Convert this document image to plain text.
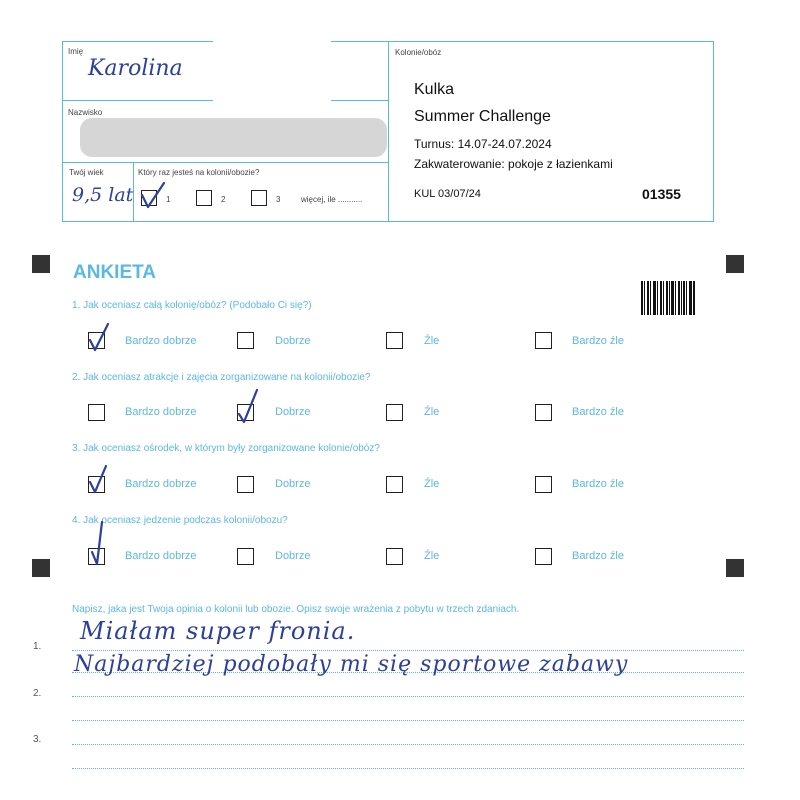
Imię
Karolina
Nazwisko
Twój wiek
9,5 lat
Który raz jesteś na kolonii/obozie?
1	2	3	więcej, ile ...........
Kolonie/obóz
Kulka
Summer Challenge
Turnus: 14.07-24.07.2024
Zakwaterowanie: pokoje z łazienkami
KUL 03/07/24	01355
ANKIETA
1. Jak oceniasz całą kolonię/obóz? (Podobało Ci się?)
2. Jak oceniasz atrakcje i zajęcia zorganizowane na kolonii/obozie?
3. Jak oceniasz ośrodek, w którym były zorganizowane kolonie/obóz?
4. Jak oceniasz jedzenie podczas kolonii/obozu?
Bardzo dobrze	Dobrze	Źle	Bardzo źle
Bardzo dobrze	Dobrze	Źle	Bardzo źle
Bardzo dobrze	Dobrze	Źle	Bardzo źle
Bardzo dobrze	Dobrze	Źle	Bardzo źle
Napisz, jaka jest Twoja opinia o kolonii lub obozie. Opisz swoje wrażenia z pobytu w trzech zdaniach.
1.
2.
3.
Miałam super fronia.
Najbardziej podobały mi się sportowe zabawy
